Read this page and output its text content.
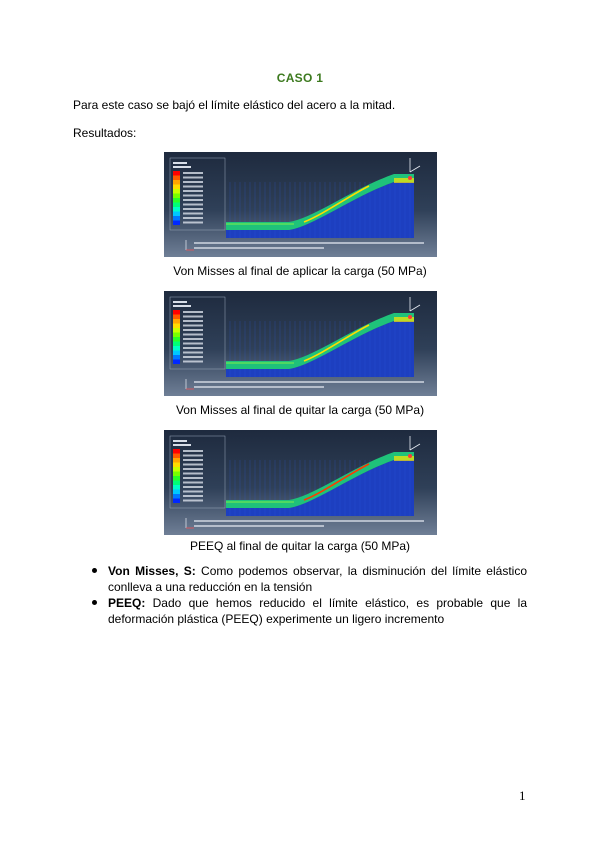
CASO 1
Para este caso se bajó el límite elástico del acero a la mitad.
Resultados:
Von Misses al final de aplicar la carga (50 MPa)
Von Misses al final de quitar la carga (50 MPa)
PEEQ al final de quitar la carga (50 MPa)
Von Misses, S: Como podemos observar, la disminución del límite elástico conlleva a una reducción en la tensión
PEEQ: Dado que hemos reducido el límite elástico, es probable que la deformación plástica (PEEQ) experimente un ligero incremento
1
